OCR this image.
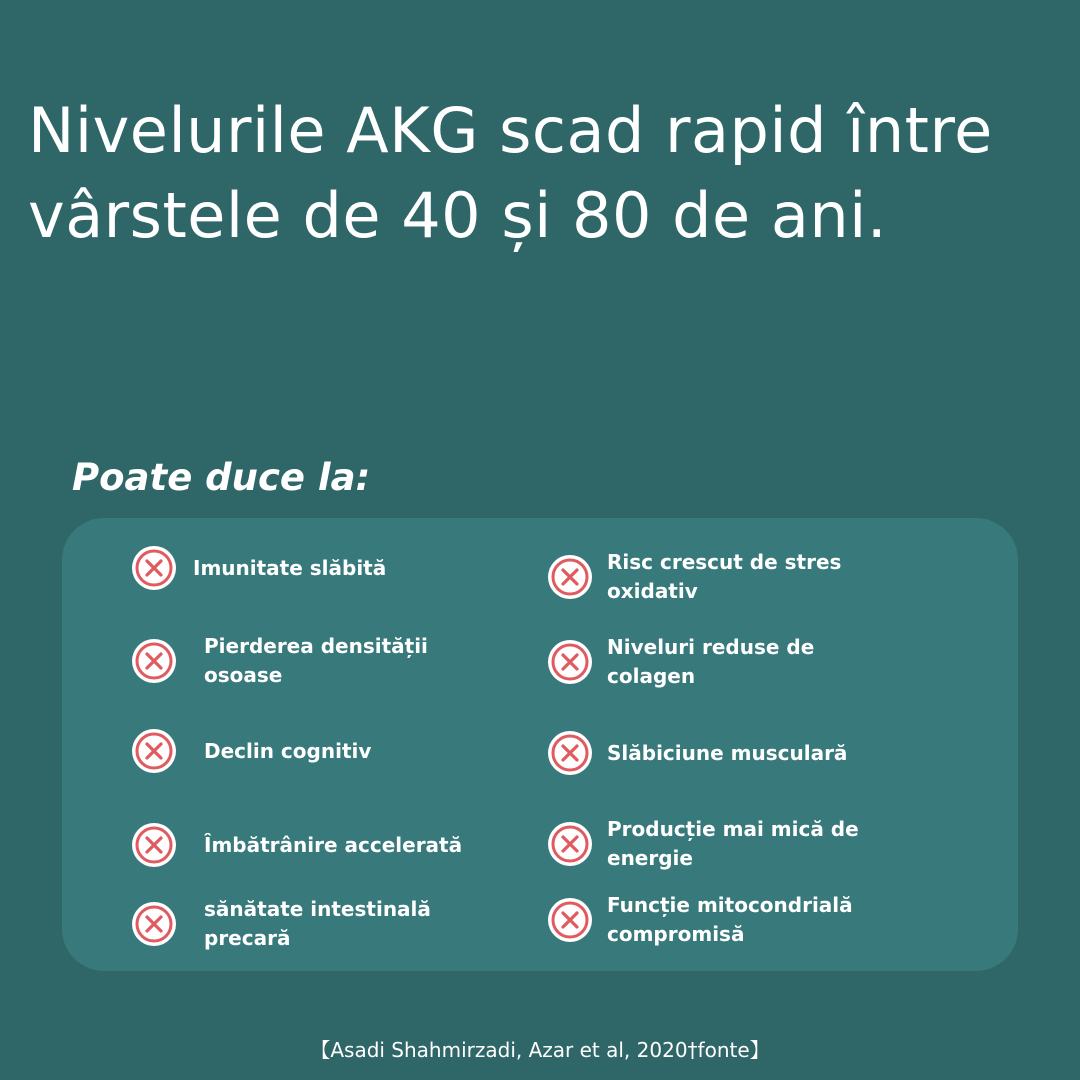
Nivelurile AKG scad rapid între vârstele de 40 și 80 de ani.
Poate duce la:
Imunitate slăbită
Pierderea densității osoase
Declin cognitiv
Îmbătrânire accelerată
sănătate intestinală precară
Risc crescut de stres oxidativ
Niveluri reduse de colagen
Slăbiciune musculară
Producție mai mică de energie
Funcție mitocondrială compromisă
【Asadi Shahmirzadi, Azar et al, 2020†fonte】
